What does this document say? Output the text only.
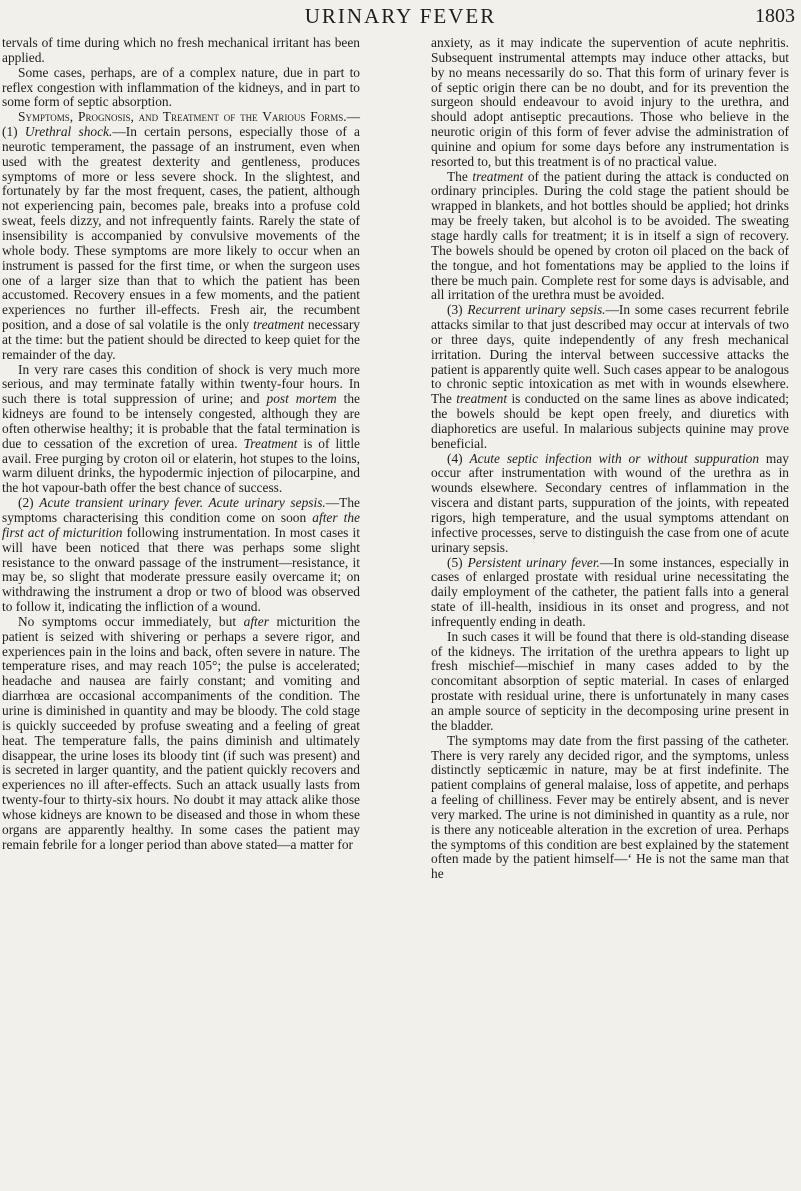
URINARY FEVER	1803

tervals of time during which no fresh mechanical irritant has been applied.

Some cases, perhaps, are of a complex nature, due in part to reflex congestion with inflammation of the kidneys, and in part to some form of septic absorption.

Symptoms, Prognosis, and Treatment of the Various Forms.—(1) Urethral shock.—In certain persons, especially those of a neurotic temperament, the passage of an instrument, even when used with the greatest dexterity and gentleness, produces symptoms of more or less severe shock. In the slightest, and fortunately by far the most frequent, cases, the patient, although not experiencing pain, becomes pale, breaks into a profuse cold sweat, feels dizzy, and not infrequently faints. Rarely the state of insensibility is accompanied by convulsive movements of the whole body. These symptoms are more likely to occur when an instrument is passed for the first time, or when the surgeon uses one of a larger size than that to which the patient has been accustomed. Recovery ensues in a few moments, and the patient experiences no further ill-effects. Fresh air, the recumbent position, and a dose of sal volatile is the only treatment necessary at the time: but the patient should be directed to keep quiet for the remainder of the day.

In very rare cases this condition of shock is very much more serious, and may terminate fatally within twenty-four hours. In such there is total suppression of urine; and post mortem the kidneys are found to be intensely congested, although they are often otherwise healthy; it is probable that the fatal termination is due to cessation of the excretion of urea. Treatment is of little avail. Free purging by croton oil or elaterin, hot stupes to the loins, warm diluent drinks, the hypodermic injection of pilocarpine, and the hot vapour-bath offer the best chance of success.

(2) Acute transient urinary fever. Acute urinary sepsis.—The symptoms characterising this condition come on soon after the first act of micturition following instrumentation. In most cases it will have been noticed that there was perhaps some slight resistance to the onward passage of the instrument—resistance, it may be, so slight that moderate pressure easily overcame it; on withdrawing the instrument a drop or two of blood was observed to follow it, indicating the infliction of a wound.

No symptoms occur immediately, but after micturition the patient is seized with shivering or perhaps a severe rigor, and experiences pain in the loins and back, often severe in nature. The temperature rises, and may reach 105°; the pulse is accelerated; headache and nausea are fairly constant; and vomiting and diarrhœa are occasional accompaniments of the condition. The urine is diminished in quantity and may be bloody. The cold stage is quickly succeeded by profuse sweating and a feeling of great heat. The temperature falls, the pains diminish and ultimately disappear, the urine loses its bloody tint (if such was present) and is secreted in larger quantity, and the patient quickly recovers and experiences no ill after-effects. Such an attack usually lasts from twenty-four to thirty-six hours. No doubt it may attack alike those whose kidneys are known to be diseased and those in whom these organs are apparently healthy. In some cases the patient may remain febrile for a longer period than above stated—a matter for

anxiety, as it may indicate the supervention of acute nephritis. Subsequent instrumental attempts may induce other attacks, but by no means necessarily do so. That this form of urinary fever is of septic origin there can be no doubt, and for its prevention the surgeon should endeavour to avoid injury to the urethra, and should adopt antiseptic precautions. Those who believe in the neurotic origin of this form of fever advise the administration of quinine and opium for some days before any instrumentation is resorted to, but this treatment is of no practical value.

The treatment of the patient during the attack is conducted on ordinary principles. During the cold stage the patient should be wrapped in blankets, and hot bottles should be applied; hot drinks may be freely taken, but alcohol is to be avoided. The sweating stage hardly calls for treatment; it is in itself a sign of recovery. The bowels should be opened by croton oil placed on the back of the tongue, and hot fomentations may be applied to the loins if there be much pain. Complete rest for some days is advisable, and all irritation of the urethra must be avoided.

(3) Recurrent urinary sepsis.—In some cases recurrent febrile attacks similar to that just described may occur at intervals of two or three days, quite independently of any fresh mechanical irritation. During the interval between successive attacks the patient is apparently quite well. Such cases appear to be analogous to chronic septic intoxication as met with in wounds elsewhere. The treatment is conducted on the same lines as above indicated; the bowels should be kept open freely, and diuretics with diaphoretics are useful. In malarious subjects quinine may prove beneficial.

(4) Acute septic infection with or without suppuration may occur after instrumentation with wound of the urethra as in wounds elsewhere. Secondary centres of inflammation in the viscera and distant parts, suppuration of the joints, with repeated rigors, high temperature, and the usual symptoms attendant on infective processes, serve to distinguish the case from one of acute urinary sepsis.

(5) Persistent urinary fever.—In some instances, especially in cases of enlarged prostate with residual urine necessitating the daily employment of the catheter, the patient falls into a general state of ill-health, insidious in its onset and progress, and not infrequently ending in death.

In such cases it will be found that there is old-standing disease of the kidneys. The irritation of the urethra appears to light up fresh mischief—mischief in many cases added to by the concomitant absorption of septic material. In cases of enlarged prostate with residual urine, there is unfortunately in many cases an ample source of septicity in the decomposing urine present in the bladder.

The symptoms may date from the first passing of the catheter. There is very rarely any decided rigor, and the symptoms, unless distinctly septicæmic in nature, may be at first indefinite. The patient complains of general malaise, loss of appetite, and perhaps a feeling of chilliness. Fever may be entirely absent, and is never very marked. The urine is not diminished in quantity as a rule, nor is there any noticeable alteration in the excretion of urea. Perhaps the symptoms of this condition are best explained by the statement often made by the patient himself—‘ He is not the same man that he
